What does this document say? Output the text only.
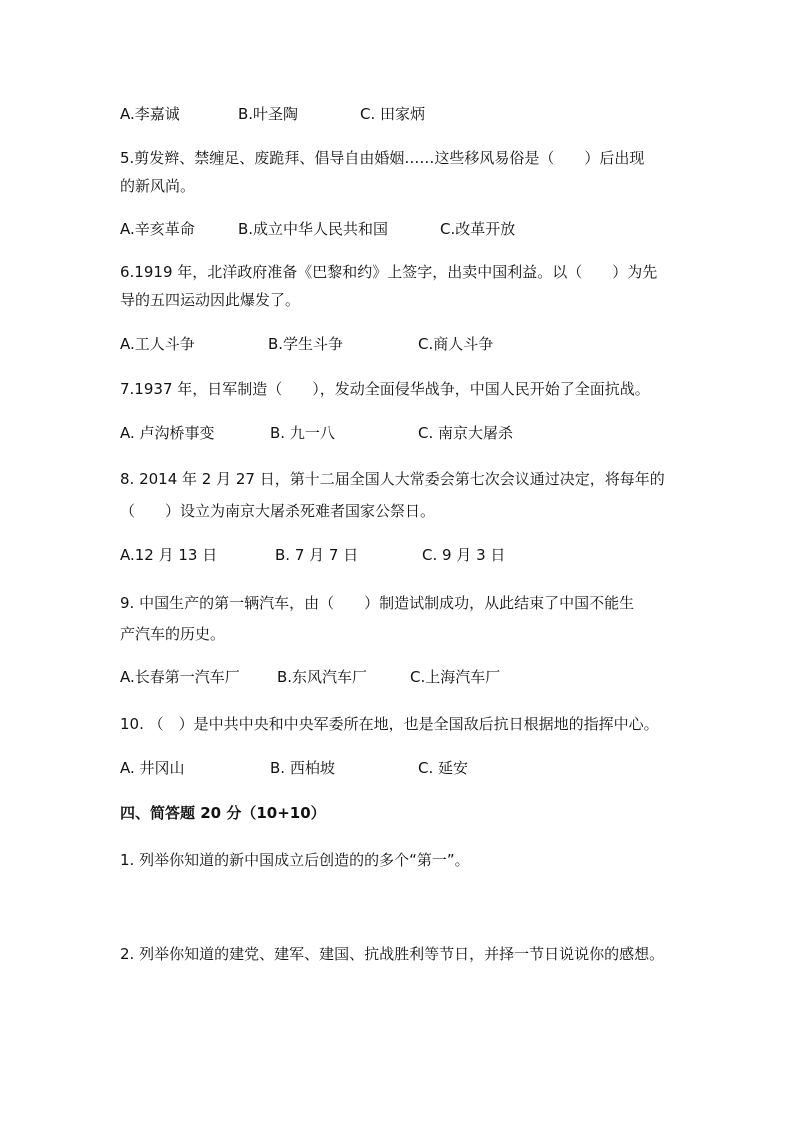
A.李嘉诚	B.叶圣陶	C. 田家炳
5.剪发辫、禁缠足、废跪拜、倡导自由婚姻……这些移风易俗是（　　）后出现
的新风尚。
A.辛亥革命	B.成立中华人民共和国	C.改革开放
6.1919 年，北洋政府准备《巴黎和约》上签字，出卖中国利益。以（　　）为先
导的五四运动因此爆发了。
A.工人斗争	B.学生斗争	C.商人斗争
7.1937 年，日军制造（　　），发动全面侵华战争，中国人民开始了全面抗战。
A. 卢沟桥事变	B. 九一八	C. 南京大屠杀
8. 2014 年 2 月 27 日，第十二届全国人大常委会第七次会议通过决定，将每年的
（　　）设立为南京大屠杀死难者国家公祭日。
A.12 月 13 日	B. 7 月 7 日	C. 9 月 3 日
9. 中国生产的第一辆汽车，由（　　）制造试制成功，从此结束了中国不能生
产汽车的历史。
A.长春第一汽车厂 B.东风汽车厂	C.上海汽车厂
10. （　）是中共中央和中央军委所在地，也是全国敌后抗日根据地的指挥中心。
A. 井冈山	B. 西柏坡	C. 延安
四、简答题 20 分（10+10）
1. 列举你知道的新中国成立后创造的的多个“第一”。
2. 列举你知道的建党、建军、建国、抗战胜利等节日，并择一节日说说你的感想。
